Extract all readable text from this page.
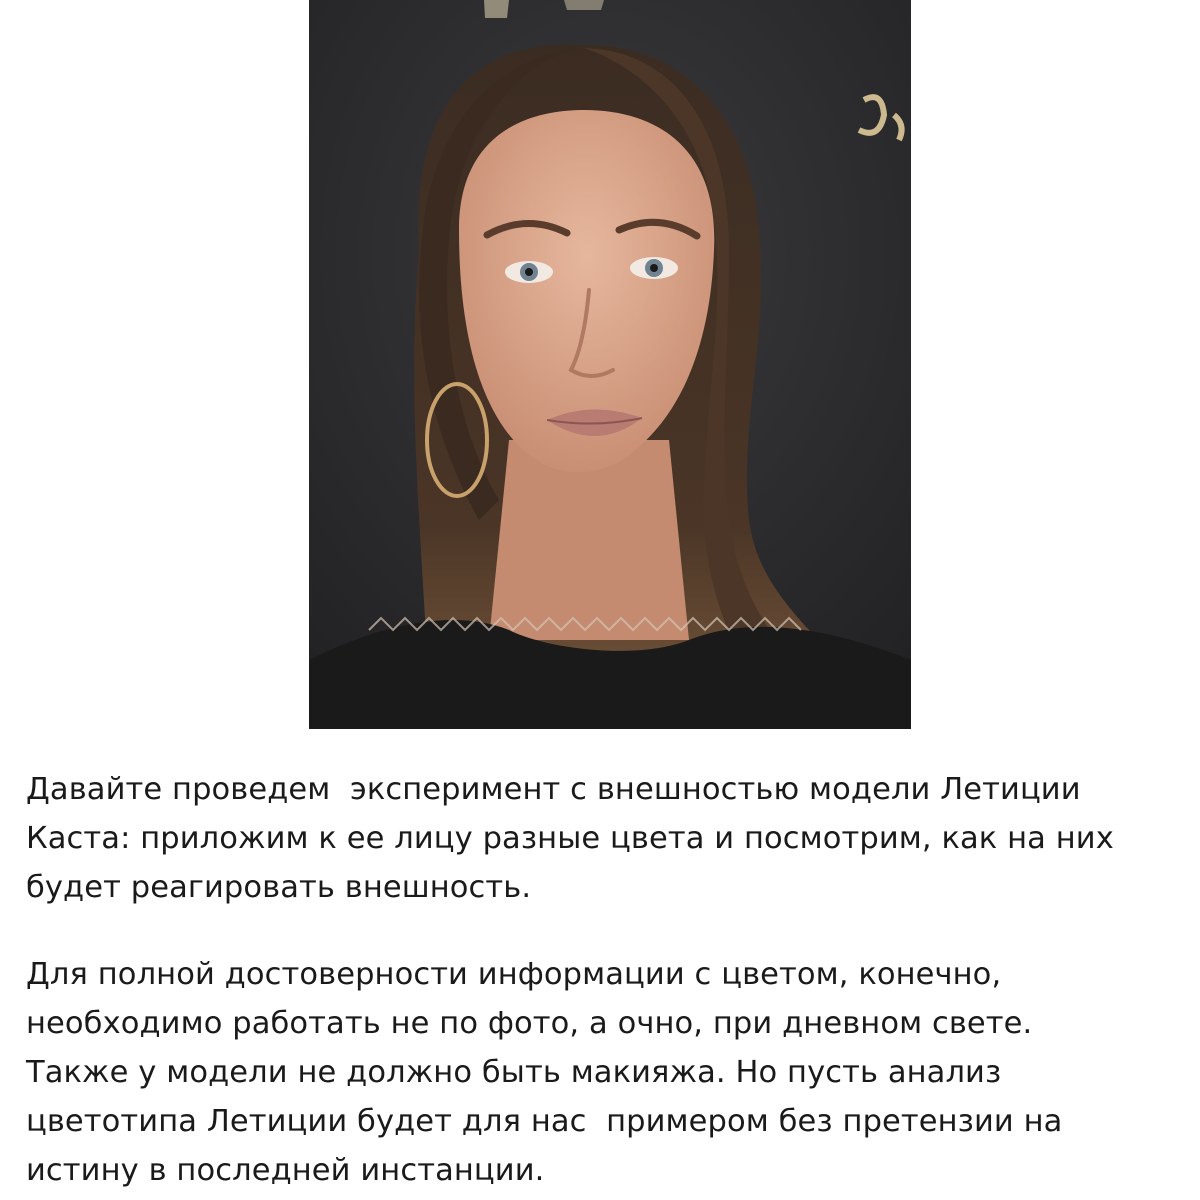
Давайте проведем  эксперимент с внешностью модели Летиции
Каста: приложим к ее лицу разные цвета и посмотрим, как на них
будет реагировать внешность.
Для полной достоверности информации с цветом, конечно,
необходимо работать не по фото, а очно, при дневном свете.
Также у модели не должно быть макияжа. Но пусть анализ
цветотипа Летиции будет для нас  примером без претензии на
истину в последней инстанции.
